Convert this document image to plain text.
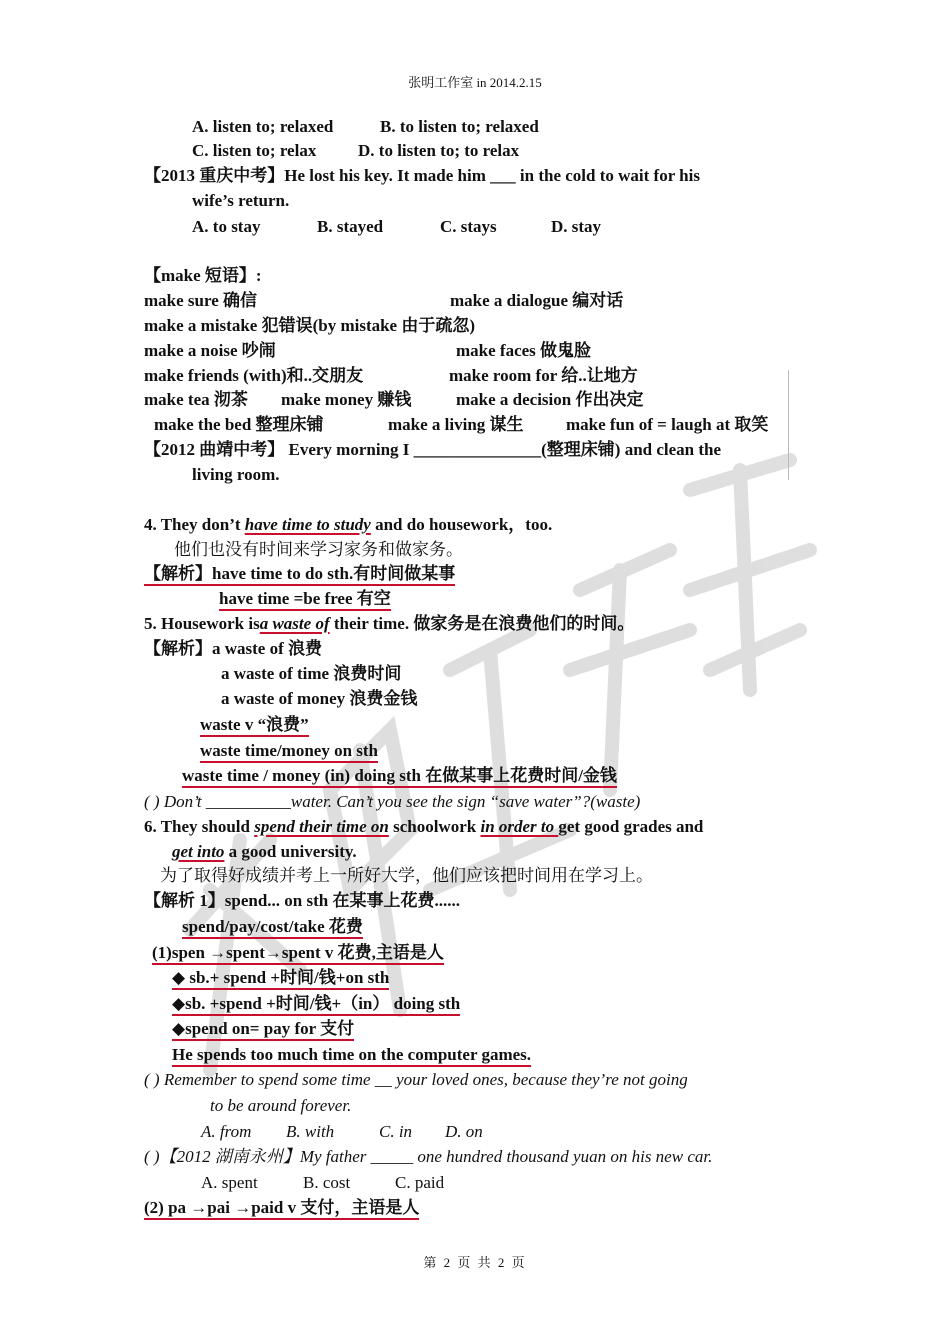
张明工作室 in 2014.2.15
A. listen to; relaxed	B. to listen to; relaxed
C. listen to; relax D. to listen to; to relax
【2013 重庆中考】He lost his key. It made him ___ in the cold to wait for his
wife’s return.
A. to stay	B. stayed	C. stays	D. stay
【make 短语】:
make sure 确信	make a dialogue 编对话
make a mistake 犯错误(by mistake 由于疏忽)
make a noise 吵闹	make faces 做鬼脸
make friends (with)和..交朋友	make room for 给..让地方
make tea 沏茶 make money 赚钱	make a decision 作出决定
make the bed 整理床铺	make a living 谋生 make fun of = laugh at 取笑
【2012 曲靖中考】 Every morning I _______________(整理床铺) and clean the
living room.
4. They don’t have time to study and do housework，too.
他们也没有时间来学习家务和做家务。
【解析】have time to do sth.有时间做某事
have time =be free 有空
5. Housework isa waste of their time. 做家务是在浪费他们的时间。
【解析】a waste of 浪费
a waste of time 浪费时间
a waste of money 浪费金钱
waste v “浪费”
waste time/money on sth
waste time / money (in) doing sth 在做某事上花费时间/金钱
( ) Don’t __________water. Can’t you see the sign “save water”?(waste)
6. They should spend their time on schoolwork in order to get good grades and
get into a good university.
为了取得好成绩并考上一所好大学，他们应该把时间用在学习上。
【解析 1】spend... on sth 在某事上花费......
spend/pay/cost/take 花费
(1)spen →spent→spent v 花费,主语是人
◆ sb.+ spend +时间/钱+on sth
◆sb. +spend +时间/钱+（in） doing sth
◆spend on= pay for 支付
He spends too much time on the computer games.
( ) Remember to spend some time __ your loved ones, because they’re not going
to be around forever.
A. from B. with	C. in D. on
( )【2012 湖南永州】My father _____ one hundred thousand yuan on his new car.
A. spent	B. cost	C. paid
(2) pa →pai →paid v 支付，主语是人
第 2 页 共 2 页
